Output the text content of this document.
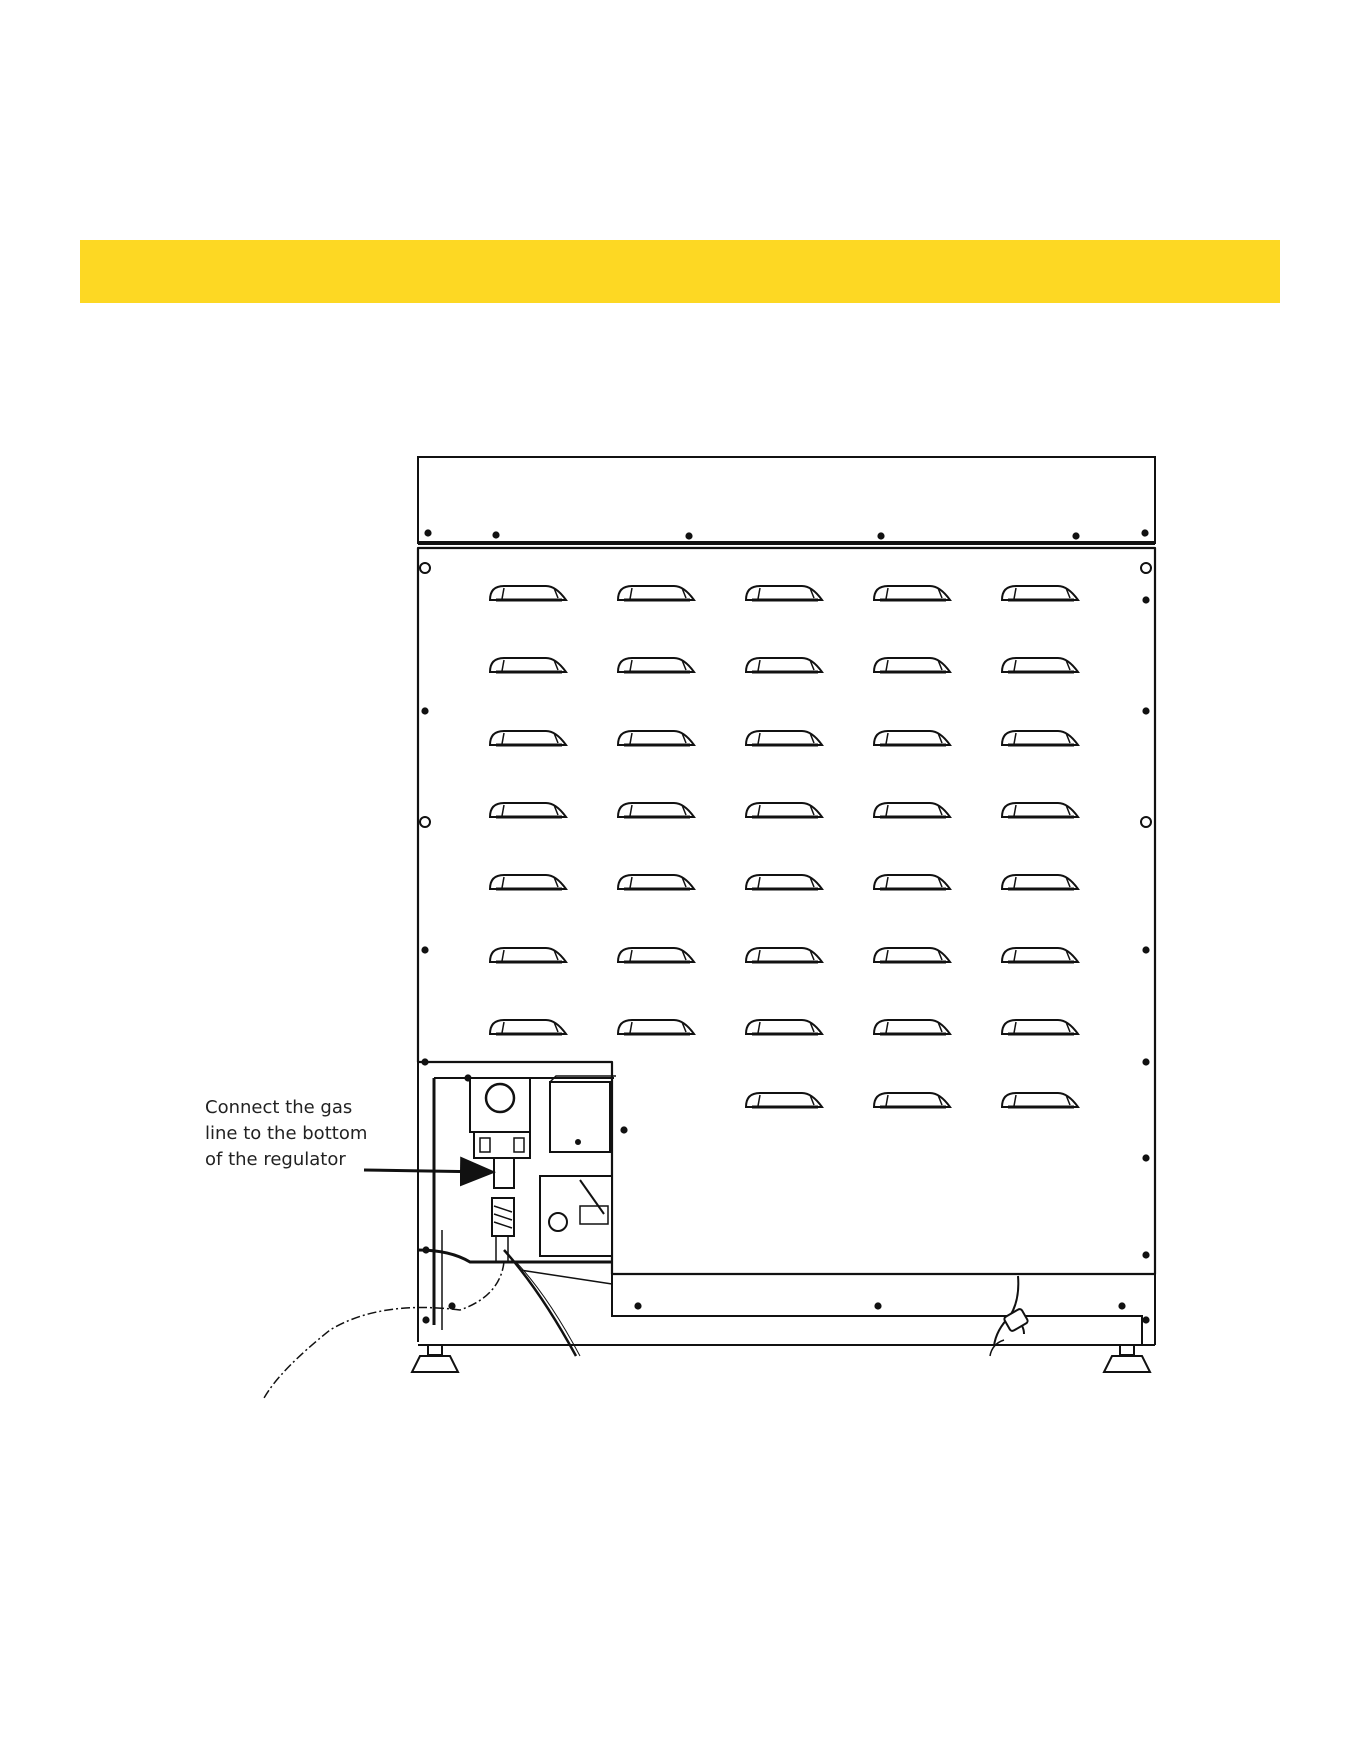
Connect the gas
line to the bottom
of the regulator
